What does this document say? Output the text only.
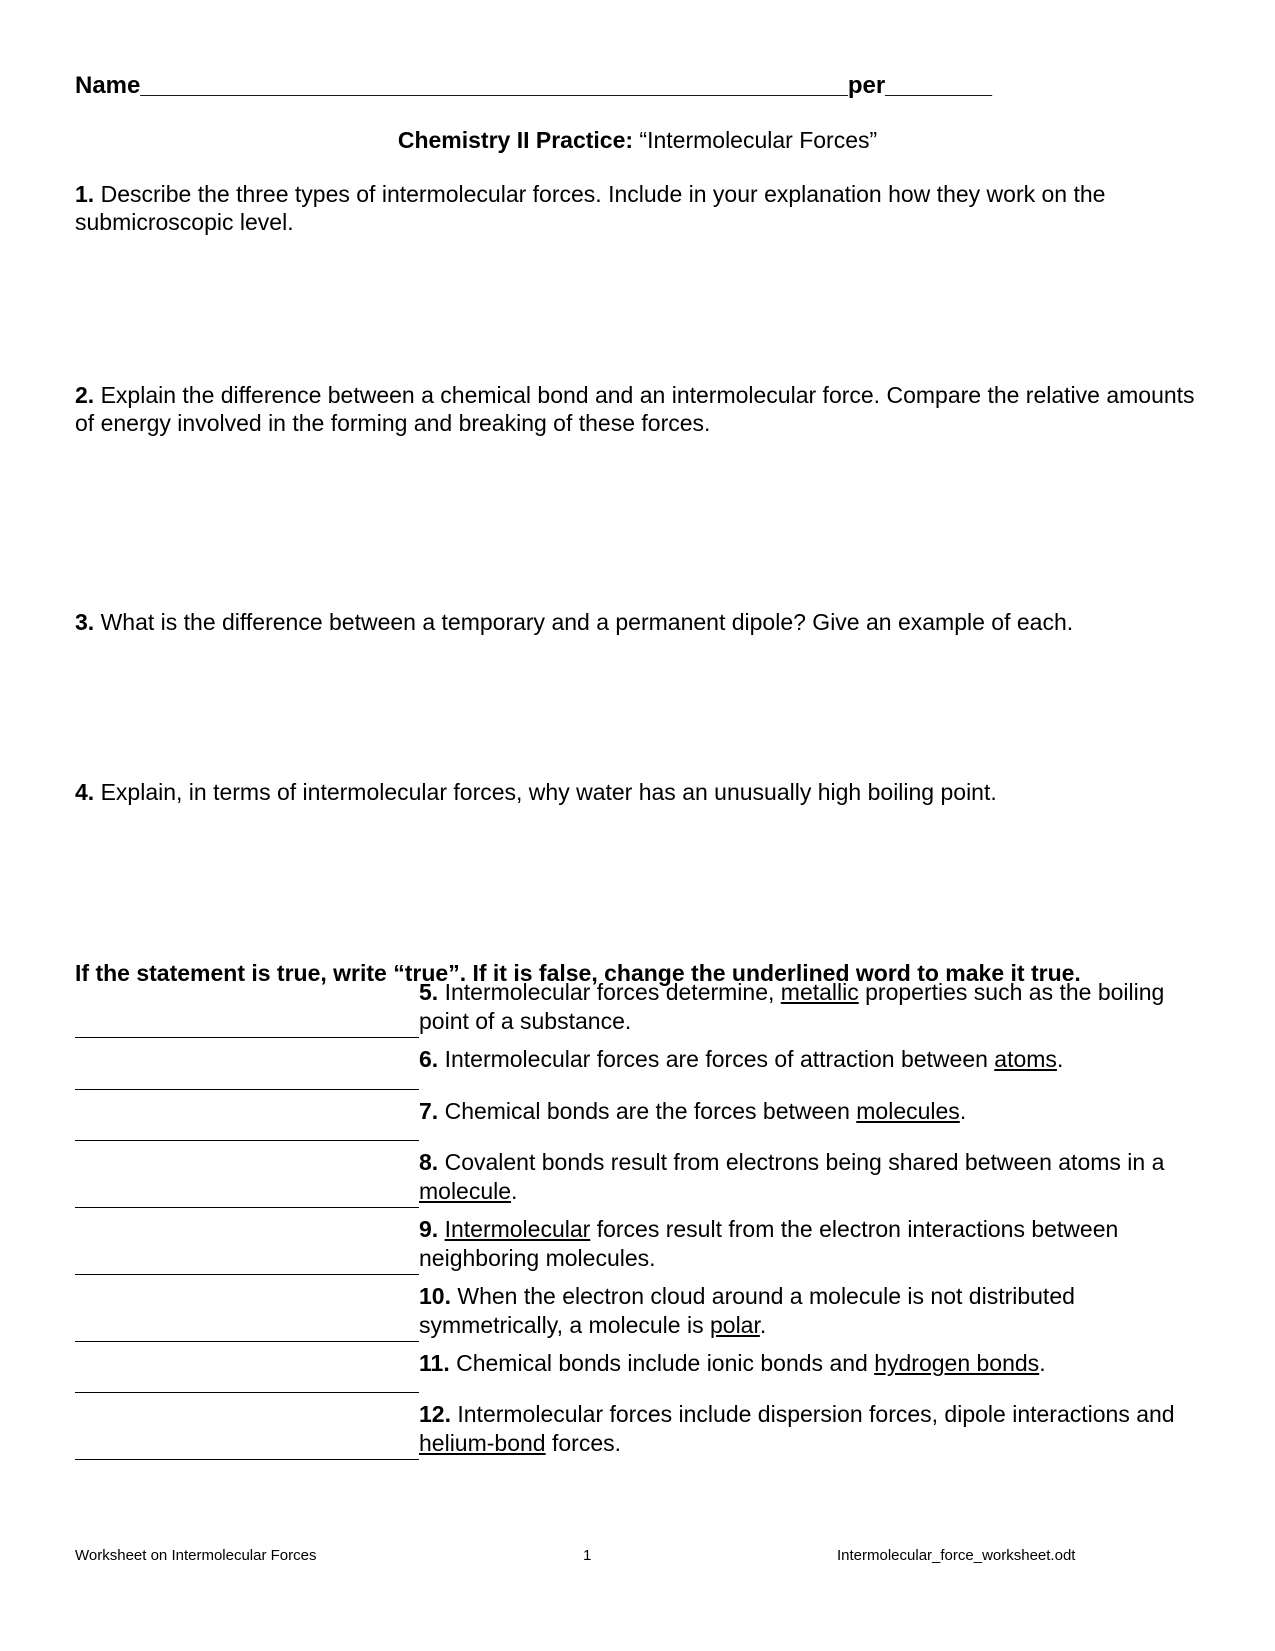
Name_____________________________________________________per________
Chemistry II Practice: “Intermolecular Forces”
1. Describe the three types of intermolecular forces. Include in your explanation how they work on the submicroscopic level.
2. Explain the difference between a chemical bond and an intermolecular force. Compare the relative amounts of energy involved in the forming and breaking of these forces.
3. What is the difference between a temporary and a permanent dipole? Give an example of each.
4. Explain, in terms of intermolecular forces, why water has an unusually high boiling point.
If the statement is true, write “true”. If it is false, change the underlined word to make it true.
5. Intermolecular forces determine, metallic properties such as the boiling point of a substance.
6. Intermolecular forces are forces of attraction between atoms.
7. Chemical bonds are the forces between molecules.
8. Covalent bonds result from electrons being shared between atoms in a molecule.
9. Intermolecular forces result from the electron interactions between neighboring molecules.
10. When the electron cloud around a molecule is not distributed symmetrically, a molecule is polar.
11. Chemical bonds include ionic bonds and hydrogen bonds.
12. Intermolecular forces include dispersion forces, dipole interactions and helium-bond forces.
Worksheet on Intermolecular Forces	1	Intermolecular_force_worksheet.odt
